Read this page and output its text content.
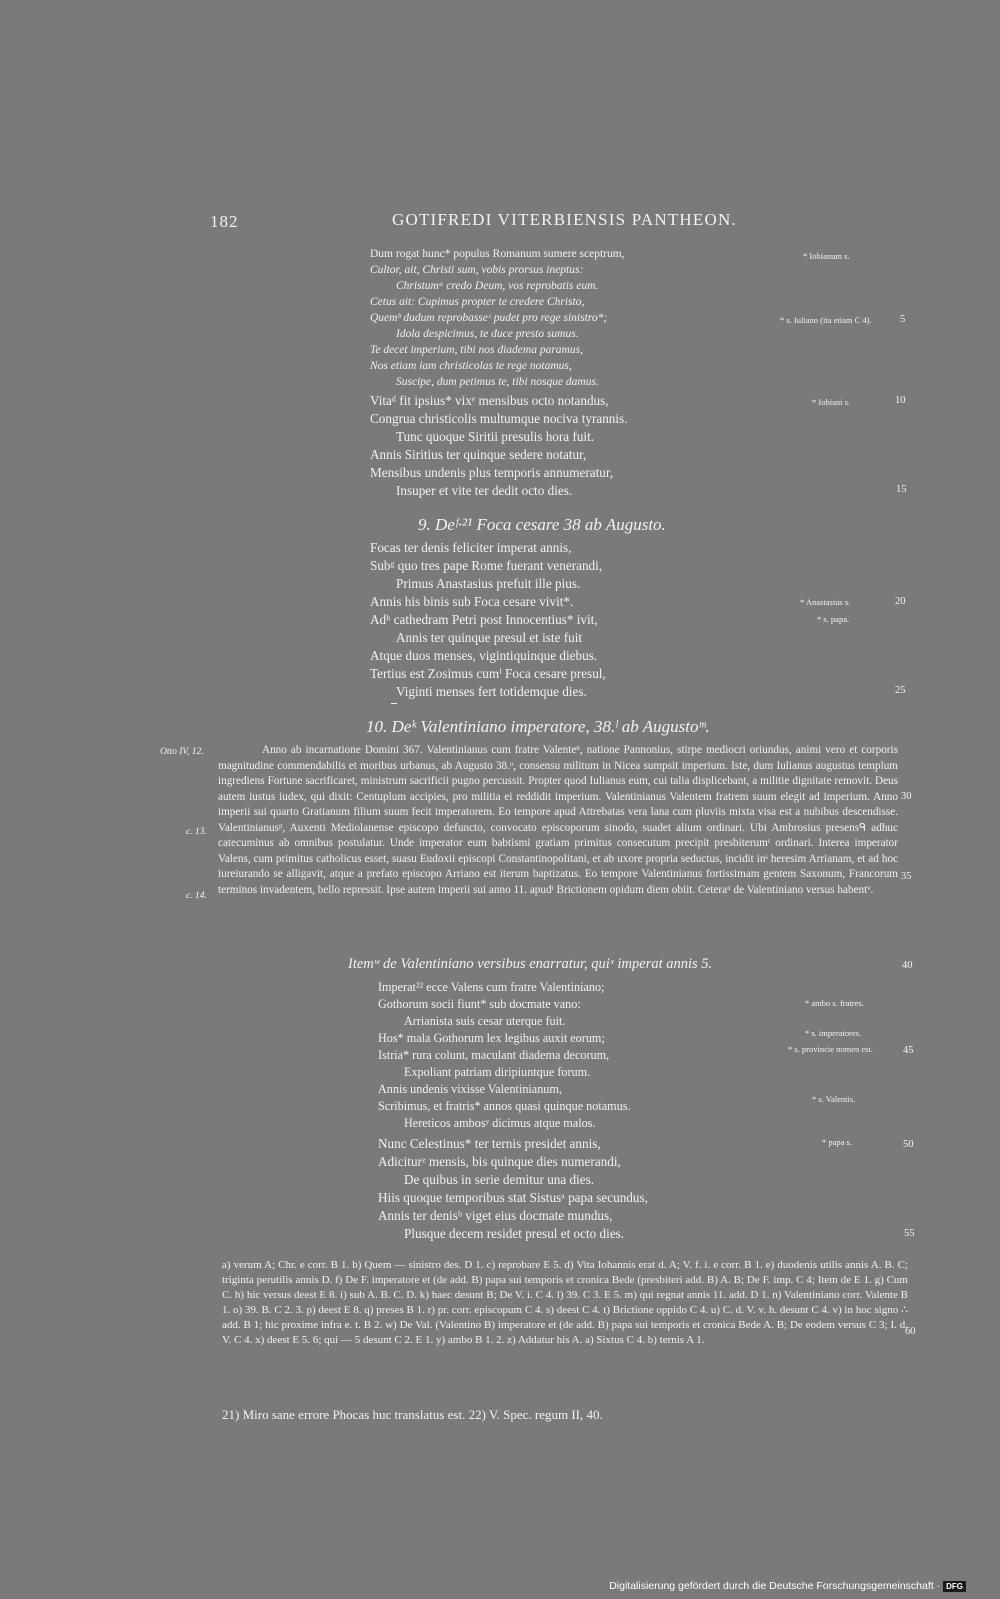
182	GOTIFREDI VITERBIENSIS PANTHEON.
Dum rogat hunc* populus Romanum sumere sceptrum,
Cultor, ait, Christi sum, vobis prorsus ineptus:
Christumᵃ credo Deum, vos reprobatis eum.
Cetus ait: Cupimus propter te credere Christo,
Quemᵇ dudum reprobasseᶜ pudet pro rege sinistro*;
Idola despicimus, te duce presto sumus.
Te decet imperium, tibi nos diadema paramus,
Nos etiam iam christicolas te rege notamus,
Suscipe, dum petimus te, tibi nosque damus.
Vitaᵈ fit ipsius* vixᵉ mensibus octo notandus,
Congrua christicolis multumque nociva tyrannis.
Tunc quoque Siritii presulis hora fuit.
Annis Siritius ter quinque sedere notatur,
Mensibus undenis plus temporis annumeratur,
Insuper et vite ter dedit octo dies.
9. Deᶠ·²¹ Foca cesare 38 ab Augusto.
Focas ter denis feliciter imperat annis,
Subᵍ quo tres pape Rome fuerant venerandi,
Primus Anastasius prefuit ille pius.
Annis his binis sub Foca cesare vivit*.
Adʰ cathedram Petri post Innocentius* ivit,
Annis ter quinque presul et iste fuit
Atque duos menses, vigintiquinque diebus.
Tertius est Zosimus cumⁱ Foca cesare presul,
Viginti menses fert totidemque dies.
10. Deᵏ Valentiniano imperatore, 38.ˡ ab Augustoᵐ.
Anno ab incarnatione Domini 367. Valentinianus cum fratre Valenteⁿ, natione Pannonius, stirpe mediocri oriundus, animi vero et corporis magnitudine commendabilis et moribus urbanus, ab Augusto 38.ᵒ, consensu militum in Nicea sumpsit imperium. Iste, dum Iulianus augustus templum ingrediens Fortune sacrificaret, ministrum sacrificii pugno percussit. Propter quod Iulianus eum, cui talia displicebant, a militie dignitate removit. Deus autem iustus iudex, qui dixit: Centuplum accipies, pro militia ei reddidit imperium. Valentinianus Valentem fratrem suum elegit ad imperium. Anno imperii sui quarto Gratianum filium suum fecit imperatorem. Eo tempore apud Attrebatas vera lana cum pluviis mixta visa est a nubibus descendisse. Valentinianusᵖ, Auxenti Mediolanense episcopo defuncto, convocato episcoporum sinodo, suadet alium ordinari. Ubi Ambrosius presensᑫ adhuc catecuminus ab omnibus postulatur. Unde imperator eum babtismi gratiam primitus consecutum precipit presbiterumʳ ordinari. Interea imperator Valens, cum primitus catholicus esset, suasu Eudoxii episcopi Constantinopolitani, et ab uxore propria seductus, incidit inˢ heresim Arrianam, et ad hoc iureiurando se alligavit, atque a prefato episcopo Arriano est iterum baptizatus. Eo tempore Valentinianus fortissimam gentem Saxonum, Francorum terminos invadentem, bello repressit. Ipse autem imperii sui anno 11. apudᵗ Brictionem opidum diem obiit. Ceteraᵘ de Valentiniano versus habentᵛ.
Itemʷ de Valentiniano versibus enarratur, quiˣ imperat annis 5.
Imperat²² ecce Valens cum fratre Valentiniano;
Gothorum socii fiunt* sub docmate vano:
Arrianista suis cesar uterque fuit.
Hos* mala Gothorum lex legibus auxit eorum;
Istria* rura colunt, maculant diadema decorum,
Expoliant patriam diripiuntque forum.
Annis undenis vixisse Valentinianum,
Scribimus, et fratris* annos quasi quinque notamus.
Hereticos ambosʸ dicimus atque malos.
Nunc Celestinus* ter ternis presidet annis,
Adiciturᶻ mensis, bis quinque dies numerandi,
De quibus in serie demitur una dies.
Hiis quoque temporibus stat Sistusᵃ papa secundus,
Annis ter denisᵇ viget eius docmate mundus,
Plusque decem residet presul et octo dies.
* Iobianum s.
* s. Iuliano (ita etiam C 4).
* Iobiani s.
* Anastasius s.
* s. papa.
* ambo s. fratres.
* s. imperatores.
* s. provincie nomen est.
* s. Valentis.
* papa s.
5
10
15
20
25
30
35
40
45
50
55
60
Otto IV, 12.
c. 13.
c. 14.
a) verum A; Chr. e corr. B 1. b) Quem — sinistro des. D 1. c) reprobare E 5. d) Vita Iohannis erat d. A; V. f. i. e corr. B 1. e) duodenis utilis annis A. B. C; triginta perutilis annis D. f) De F. imperatore et (de add. B) papa sui temporis et cronica Bede (presbiteri add. B) A. B; De F. imp. C 4; Item de E 1. g) Cum C. h) hic versus deest E 8. i) sub A. B. C. D. k) haec desunt B; De V. i. C 4. l) 39. C 3. E 5. m) qui regnat annis 11. add. D 1. n) Valentiniano corr. Valente B 1. o) 39. B. C 2. 3. p) deest E 8. q) preses B 1. r) pr. corr. episcopum C 4. s) deest C 4. t) Brictione oppido C 4. u) C. d. V. v. h. desunt C 4. v) in hoc signo ∴ add. B 1; hic proxime infra e. t. B 2. w) De Val. (Valentino B) imperatore et (de add. B) papa sui temporis et cronica Bede A. B; De eodem versus C 3; I. d. V. C 4. x) deest E 5. 6; qui — 5 desunt C 2. E 1. y) ambo B 1. 2. z) Addatur his A. a) Sixtus C 4. b) ternis A 1.
21) Miro sane errore Phocas huc translatus est. 22) V. Spec. regum II, 40.
Digitalisierung gefördert durch die Deutsche Forschungsgemeinschaft · DFG
